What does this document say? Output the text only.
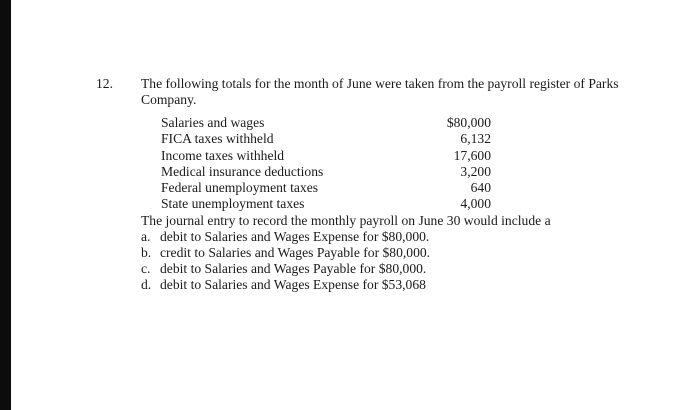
12. The following totals for the month of June were taken from the payroll register of Parks Company.
Salaries and wages	$80,000
FICA taxes withheld	6,132
Income taxes withheld	17,600
Medical insurance deductions	3,200
Federal unemployment taxes	640
State unemployment taxes	4,000
The journal entry to record the monthly payroll on June 30 would include a
a. debit to Salaries and Wages Expense for $80,000.
b. credit to Salaries and Wages Payable for $80,000.
c. debit to Salaries and Wages Payable for $80,000.
d. debit to Salaries and Wages Expense for $53,068
